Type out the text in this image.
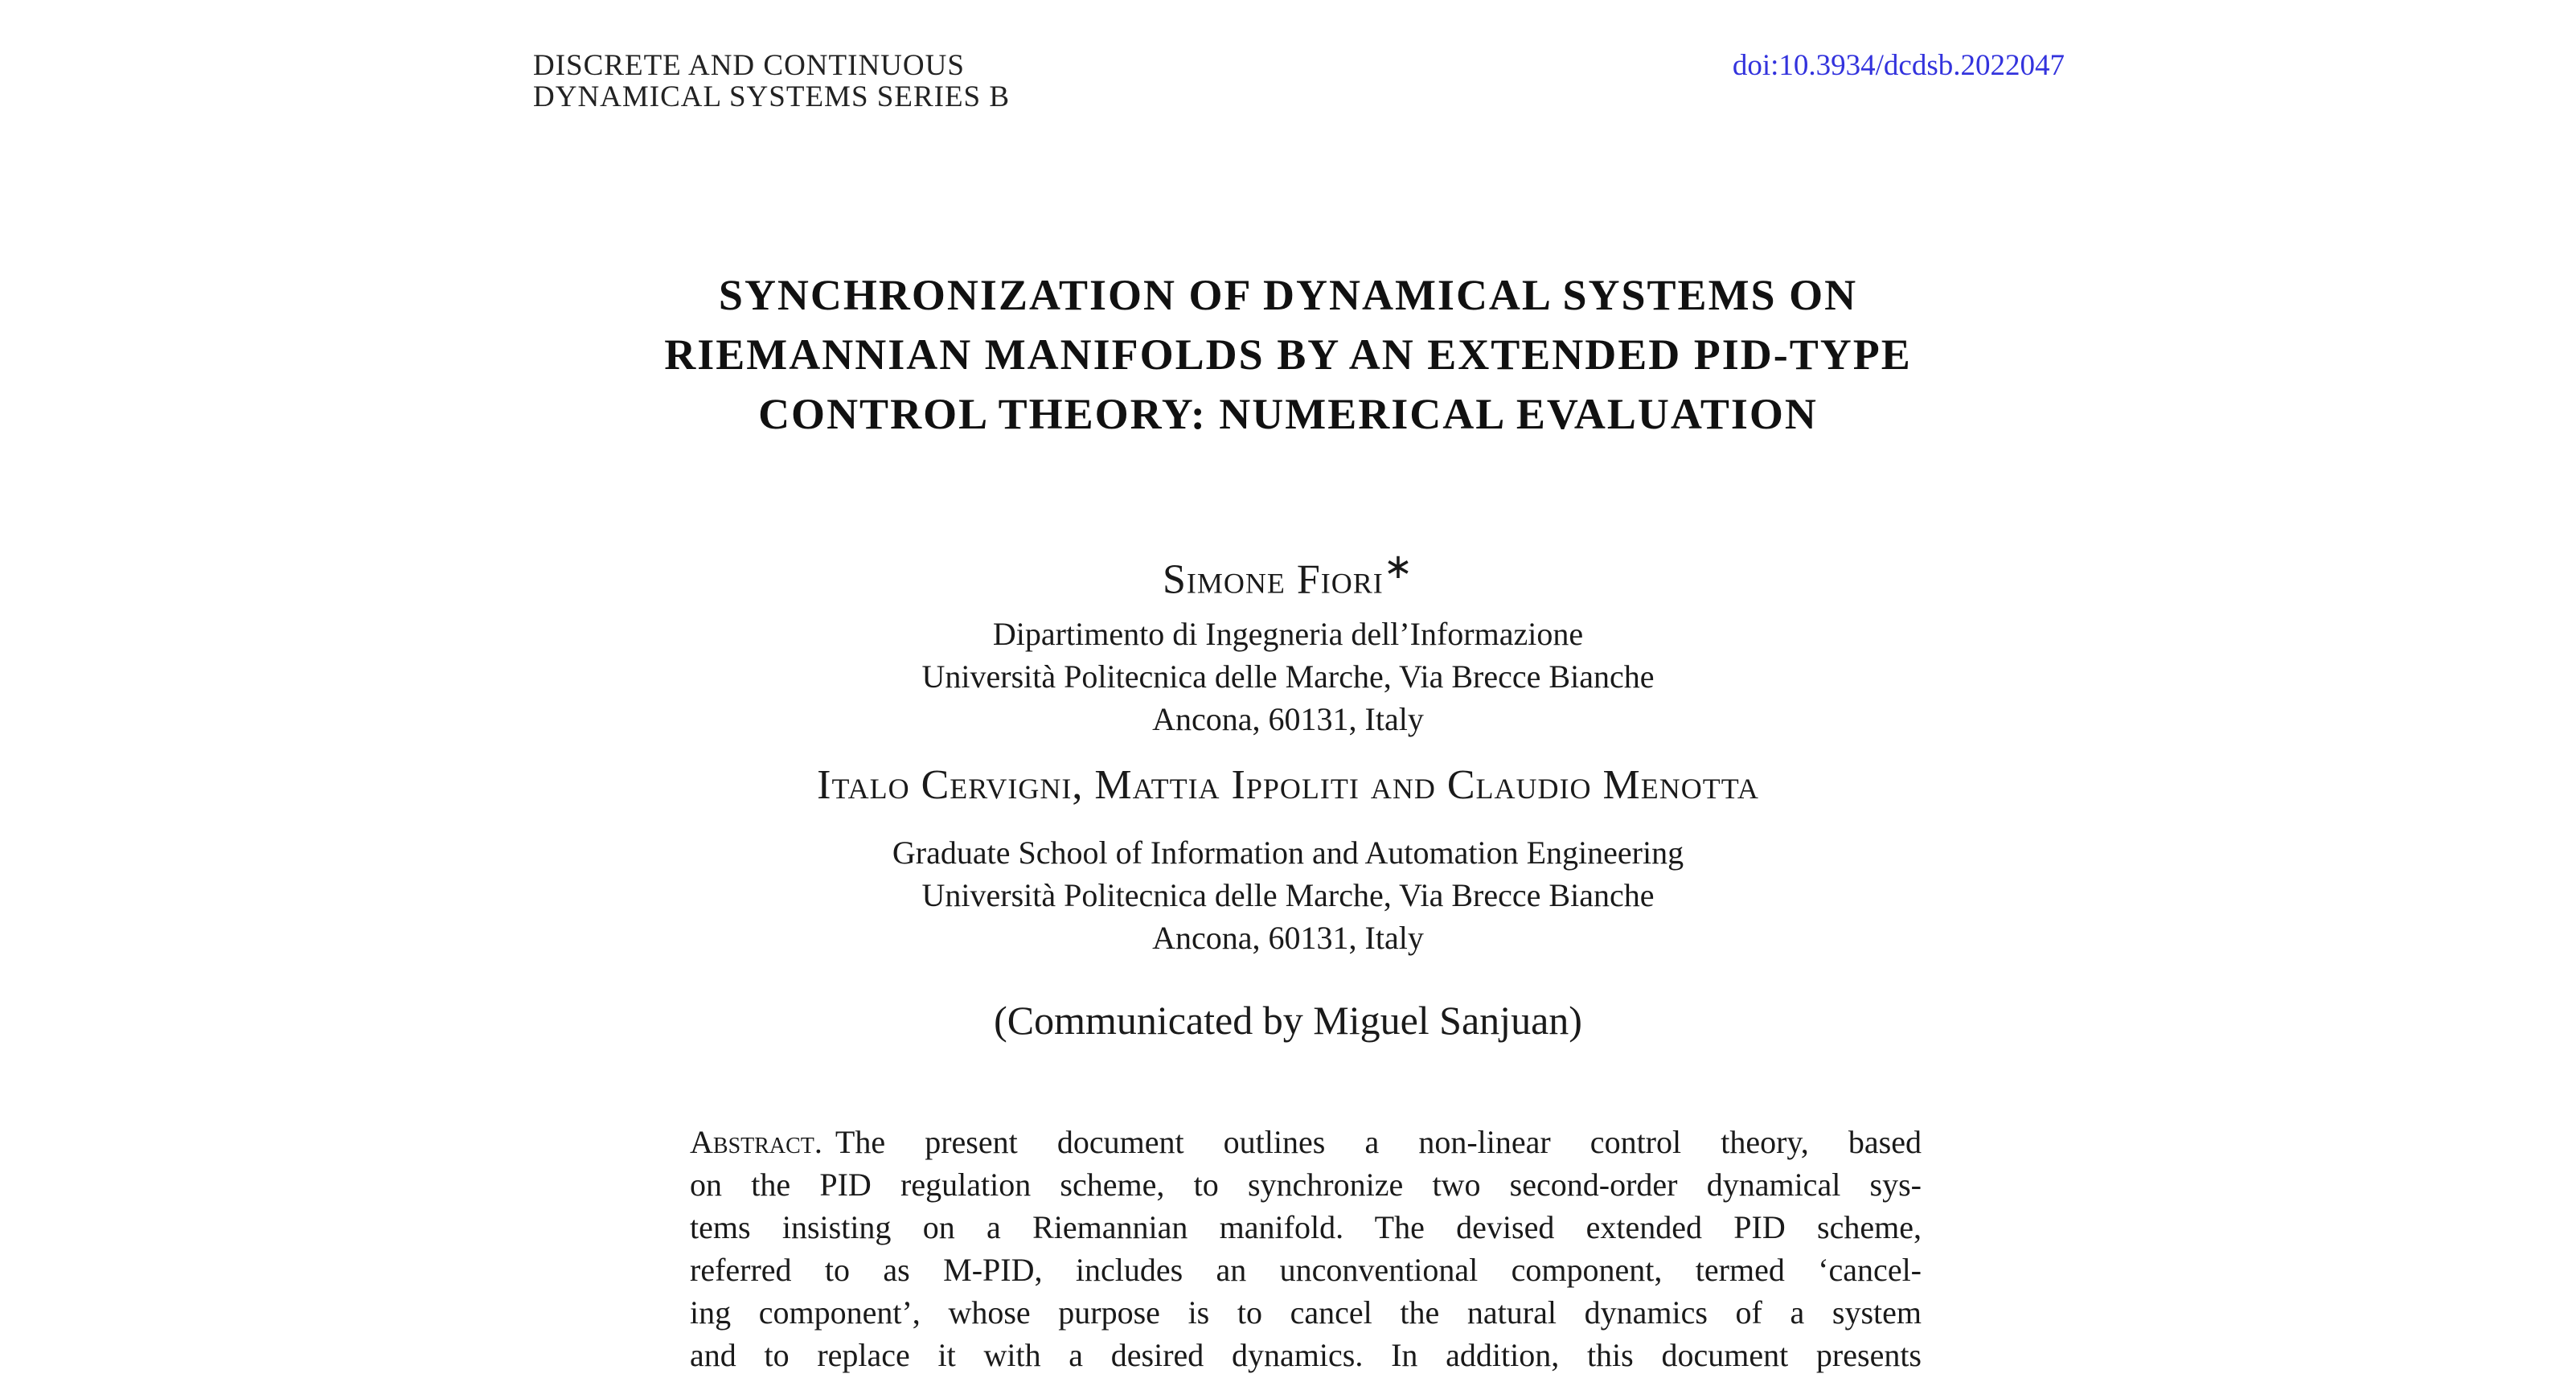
DISCRETE AND CONTINUOUS
DYNAMICAL SYSTEMS SERIES B
doi:10.3934/dcdsb.2022047
SYNCHRONIZATION OF DYNAMICAL SYSTEMS ON
RIEMANNIAN MANIFOLDS BY AN EXTENDED PID-TYPE
CONTROL THEORY: NUMERICAL EVALUATION
Simone Fiori∗
Dipartimento di Ingegneria dell’Informazione
Università Politecnica delle Marche, Via Brecce Bianche
Ancona, 60131, Italy
Italo Cervigni, Mattia Ippoliti and Claudio Menotta
Graduate School of Information and Automation Engineering
Università Politecnica delle Marche, Via Brecce Bianche
Ancona, 60131, Italy
(Communicated by Miguel Sanjuan)
Abstract. The present document outlines a non-linear control theory, based
on the PID regulation scheme, to synchronize two second-order dynamical sys-
tems insisting on a Riemannian manifold. The devised extended PID scheme,
referred to as M-PID, includes an unconventional component, termed ‘cancel-
ing component’, whose purpose is to cancel the natural dynamics of a system
and to replace it with a desired dynamics. In addition, this document presents
